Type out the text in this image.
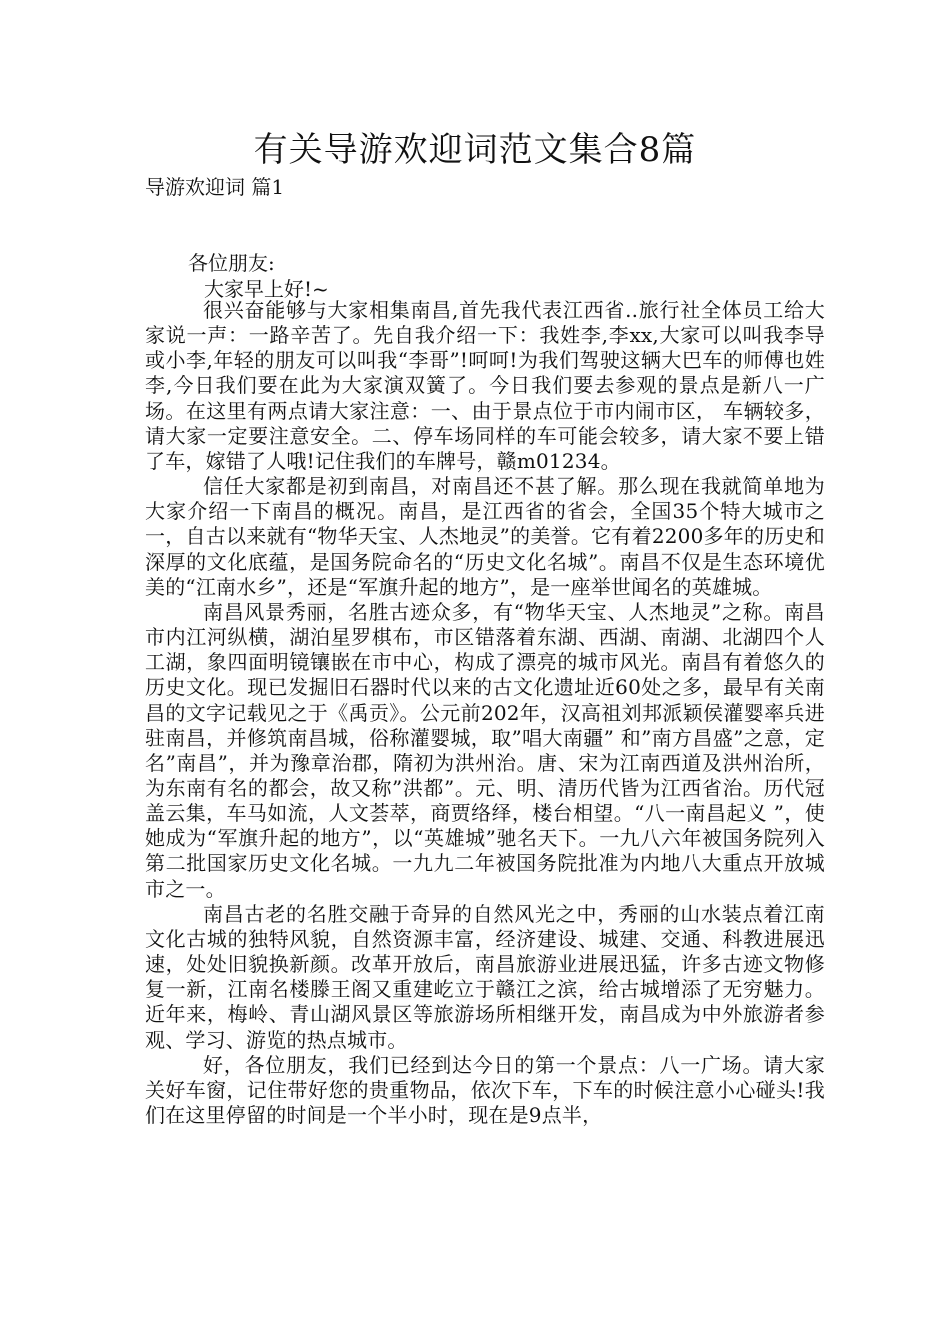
有关导游欢迎词范文集合8篇
导游欢迎词 篇1
各位朋友:
大家早上好!~

很兴奋能够与大家相集南昌,首先我代表江西省..旅行社全体员工给大家说一声：一路辛苦了。先自我介绍一下：我姓李,李xx,大家可以叫我李导或小李,年轻的朋友可以叫我“李哥”!呵呵!为我们驾驶这辆大巴车的师傅也姓李,今日我们要在此为大家演双簧了。今日我们要去参观的景点是新八一广场。在这里有两点请大家注意：一、由于景点位于市内闹市区， 车辆较多，请大家一定要注意安全。二、停车场同样的车可能会较多，请大家不要上错了车，嫁错了人哦!记住我们的车牌号，赣m01234。

信任大家都是初到南昌，对南昌还不甚了解。那么现在我就简单地为大家介绍一下南昌的概况。南昌，是江西省的省会，全国35个特大城市之一，自古以来就有“物华天宝、人杰地灵”的美誉。它有着2200多年的历史和深厚的文化底蕴，是国务院命名的“历史文化名城”。南昌不仅是生态环境优美的“江南水乡”，还是“军旗升起的地方”，是一座举世闻名的英雄城。

南昌风景秀丽，名胜古迹众多，有“物华天宝、人杰地灵”之称。南昌市内江河纵横，湖泊星罗棋布，市区错落着东湖、西湖、南湖、北湖四个人工湖，象四面明镜镶嵌在市中心，构成了漂亮的城市风光。南昌有着悠久的历史文化。现已发掘旧石器时代以来的古文化遗址近60处之多，最早有关南昌的文字记载见之于《禹贡》。公元前202年，汉高祖刘邦派颖侯灌婴率兵进驻南昌，并修筑南昌城，俗称灌婴城，取”唱大南疆” 和”南方昌盛”之意，定名”南昌”，并为豫章治郡，隋初为洪州治。唐、宋为江南西道及洪州治所，为东南有名的都会，故又称”洪都”。元、明、清历代皆为江西省治。历代冠盖云集，车马如流，人文荟萃，商贾络绎，楼台相望。“八一南昌起义 ”，使她成为“军旗升起的地方”，以“英雄城”驰名天下。一九八六年被国务院列入第二批国家历史文化名城。一九九二年被国务院批准为内地八大重点开放城市之一。

南昌古老的名胜交融于奇异的自然风光之中，秀丽的山水装点着江南文化古城的独特风貌，自然资源丰富，经济建设、城建、交通、科教进展迅速，处处旧貌换新颜。改革开放后，南昌旅游业进展迅猛，许多古迹文物修复一新，江南名楼滕王阁又重建屹立于赣江之滨，给古城增添了无穷魅力。近年来，梅岭、青山湖风景区等旅游场所相继开发，南昌成为中外旅游者参观、学习、游览的热点城市。

好，各位朋友，我们已经到达今日的第一个景点：八一广场。请大家关好车窗，记住带好您的贵重物品，依次下车，下车的时候注意小心碰头!我们在这里停留的时间是一个半小时，现在是9点半，
